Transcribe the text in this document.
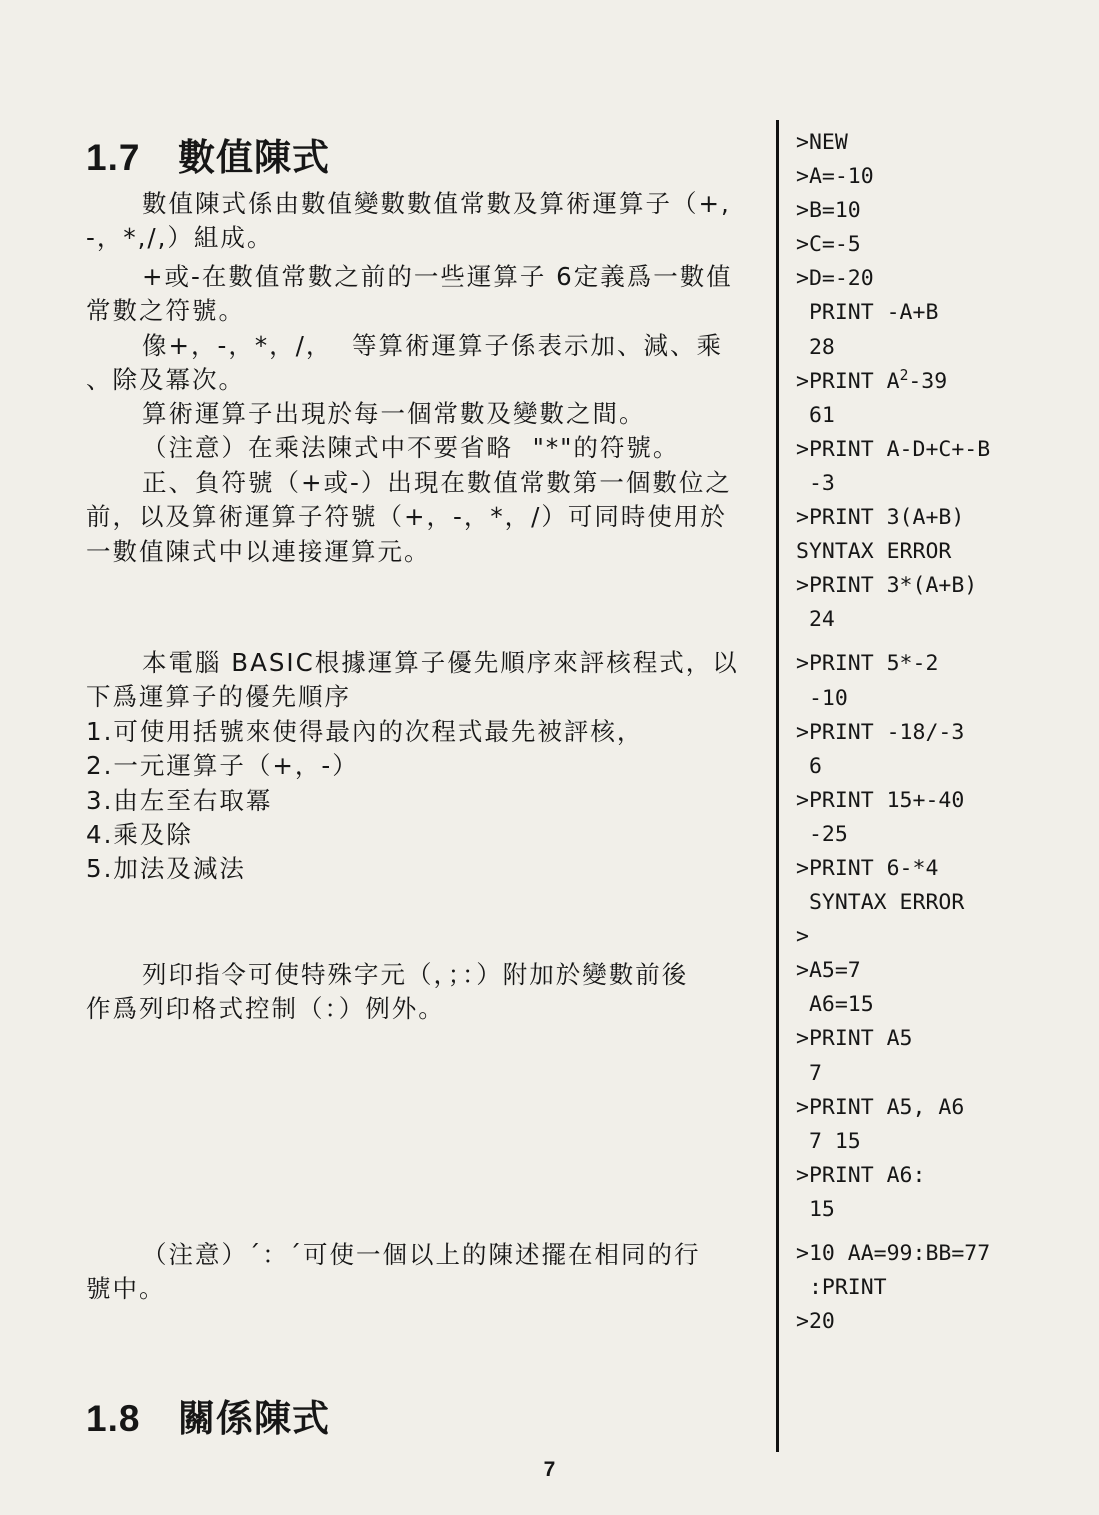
1.7 數值陳式
數值陳式係由數值變數數值常數及算術運算子（+,
-，*,/,）組成。
+或-在數值常數之前的一些運算子 6定義爲一數值
常數之符號。
像+，-，*，/，  等算術運算子係表示加、減、乘
、除及冪次。
算術運算子出現於每一個常數及變數之間。
（注意）在乘法陳式中不要省略  "*"的符號。
正、負符號（+或-）出現在數值常數第一個數位之
前，以及算術運算子符號（+，-，*，/）可同時使用於
一數值陳式中以連接運算元。
本電腦 BASIC根據運算子優先順序來評核程式，以
下爲運算子的優先順序
1.可使用括號來使得最內的次程式最先被評核，
2.一元運算子（+，-）
3.由左至右取冪
4.乘及除
5.加法及減法
列印指令可使特殊字元（，；：）附加於變數前後
作爲列印格式控制（：）例外。
（注意）´：´可使一個以上的陳述擺在相同的行
號中。
1.8 關係陳式
>NEW
>A=-10
>B=10
>C=-5
>D=-20
PRINT -A+B
28
>PRINT $A^2-39$
61
>PRINT A-D+C+-B
-3
>PRINT 3(A+B)
SYNTAX ERROR
>PRINT 3*(A+B)
24
>PRINT 5*-2
-10
>PRINT -18/-3
6
>PRINT 15+-40
-25
>PRINT 6-*4
SYNTAX ERROR
>
>A5=7
A6=15
>PRINT A5
7
>PRINT A5, A6
7 15
>PRINT A6:
15
>10 AA=99:BB=77
:PRINT
>20
7
